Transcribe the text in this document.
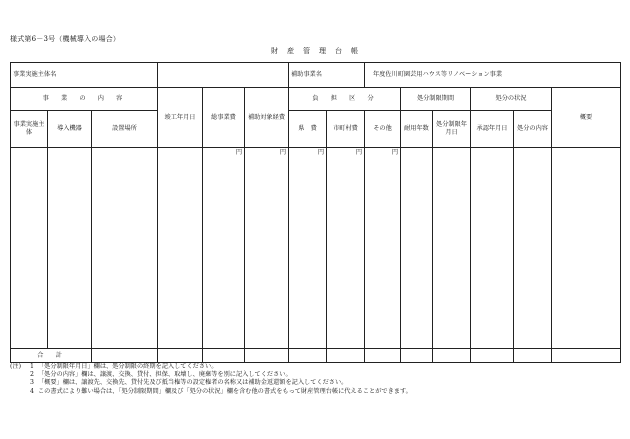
様式第6－3号（機械導入の場合）
財　産　管　理　台　帳
事業実施主体名						補助事業名		年度佐川町園芸用ハウス等リノベーション事業					
事　業　の　内　容			竣工年月日	総事業費	補助対象経費	負　担　区　分			処分制限期間		処分の状況		概要
事業実施主体	導入機器	設置場所				県　費	市町村費	その他	耐用年数	処分制限年月日	承認年月日	処分の内容	
				円	円	円	円	円					
合　計													
(注)	1 「処分制限年月日」欄は、処分制限の終期を記入してください。
2 「処分の内容」欄は、譲渡、交換、貸付、担保、取壊し、廃棄等を別に記入してください。
3 「概要」欄は、譲渡先、交換先、貸付先及び抵当権等の設定権者の名称又は補助金返還額を記入してください。
4 この書式により難い場合は、「処分制限期間」欄及び「処分の状況」欄を含む他の書式をもって財産管理台帳に代えることができます。
